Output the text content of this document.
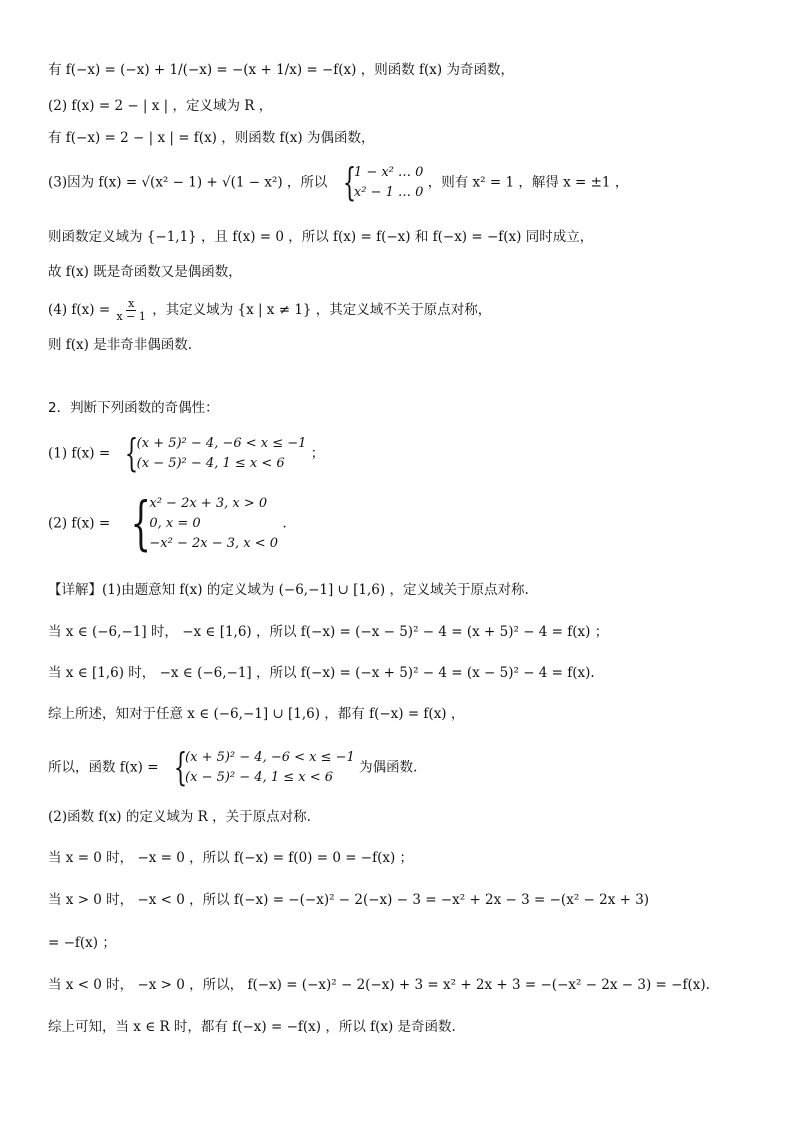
有 f(−x) = (−x) + 1/(−x) = −(x + 1/x) = −f(x) ，则函数 f(x) 为奇函数，
(2) f(x) = 2 − | x | ，定义域为 R ，
有 f(−x) = 2 − | x | = f(x) ，则函数 f(x) 为偶函数，
(3)因为 f(x) = √(x² − 1) + √(1 − x²) ，所以 {
1 − x² … 0
x² − 1 … 0
，则有 x² = 1 ，解得 x = ±1 ，
则函数定义域为 {−1,1} ，且 f(x) = 0 ，所以 f(x) = f(−x) 和 f(−x) = −f(x) 同时成立，
故 f(x) 既是奇函数又是偶函数，
(4) $f(x) = \frac{x}{x - 1}$ ，其定义域为 {x | x ≠ 1} ，其定义域不关于原点对称，
则 f(x) 是非奇非偶函数.
2．判断下列函数的奇偶性：
(1) f(x) = {
(x + 5)² − 4, −6 < x ≤ −1
(x − 5)² − 4, 1 ≤ x < 6
；
(2) f(x) = {
x² − 2x + 3, x > 0
0, x = 0
−x² − 2x − 3, x < 0
.
【详解】(1)由题意知 f(x) 的定义域为 (−6,−1] ∪ [1,6) ，定义域关于原点对称.
当 x ∈ (−6,−1] 时， −x ∈ [1,6) ，所以 f(−x) = (−x − 5)² − 4 = (x + 5)² − 4 = f(x) ；
当 x ∈ [1,6) 时， −x ∈ (−6,−1] ，所以 f(−x) = (−x + 5)² − 4 = (x − 5)² − 4 = f(x).
综上所述，知对于任意 x ∈ (−6,−1] ∪ [1,6) ，都有 f(−x) = f(x) ，
所以，函数 f(x) = {
(x + 5)² − 4, −6 < x ≤ −1
(x − 5)² − 4, 1 ≤ x < 6
为偶函数.
(2)函数 f(x) 的定义域为 R ，关于原点对称.
当 x = 0 时， −x = 0 ，所以 f(−x) = f(0) = 0 = −f(x) ；
当 x > 0 时， −x < 0 ，所以 f(−x) = −(−x)² − 2(−x) − 3 = −x² + 2x − 3 = −(x² − 2x + 3)
= −f(x) ；
当 x < 0 时， −x > 0 ，所以， f(−x) = (−x)² − 2(−x) + 3 = x² + 2x + 3 = −(−x² − 2x − 3) = −f(x).
综上可知，当 x ∈ R 时，都有 f(−x) = −f(x) ，所以 f(x) 是奇函数.
